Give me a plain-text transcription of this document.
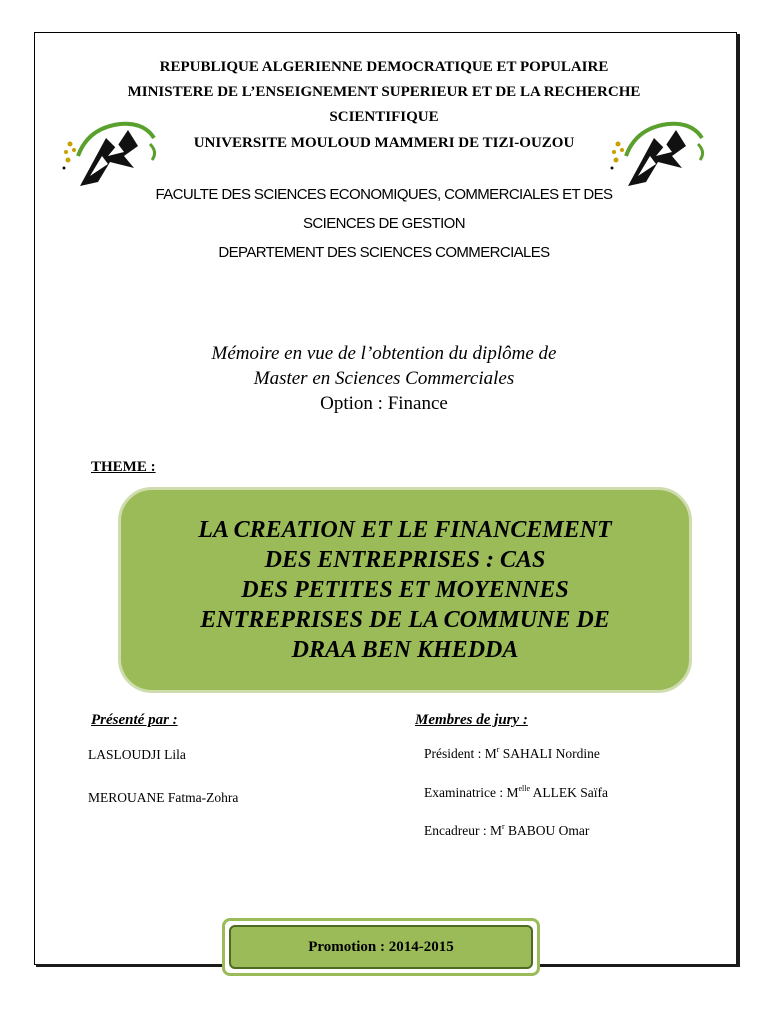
REPUBLIQUE ALGERIENNE DEMOCRATIQUE ET POPULAIRE
MINISTERE DE L’ENSEIGNEMENT SUPERIEUR ET DE LA RECHERCHE
SCIENTIFIQUE
UNIVERSITE MOULOUD MAMMERI DE TIZI-OUZOU
FACULTE DES SCIENCES ECONOMIQUES, COMMERCIALES ET DES
SCIENCES DE GESTION
DEPARTEMENT DES SCIENCES COMMERCIALES
Mémoire en vue de l’obtention du diplôme de
Master en Sciences Commerciales
Option : Finance
THEME :
LA CREATION ET LE FINANCEMENT
DES ENTREPRISES : CAS
DES PETITES ET MOYENNES
ENTREPRISES DE LA COMMUNE DE
DRAA BEN KHEDDA
Présenté par :
LASLOUDJI Lila
MEROUANE Fatma-Zohra
Membres de jury :
Président : $M^r$ SAHALI Nordine
Examinatrice : $M^{elle}$ ALLEK Saïfa
Encadreur : $M^r$ BABOU Omar
Promotion : 2014-2015
